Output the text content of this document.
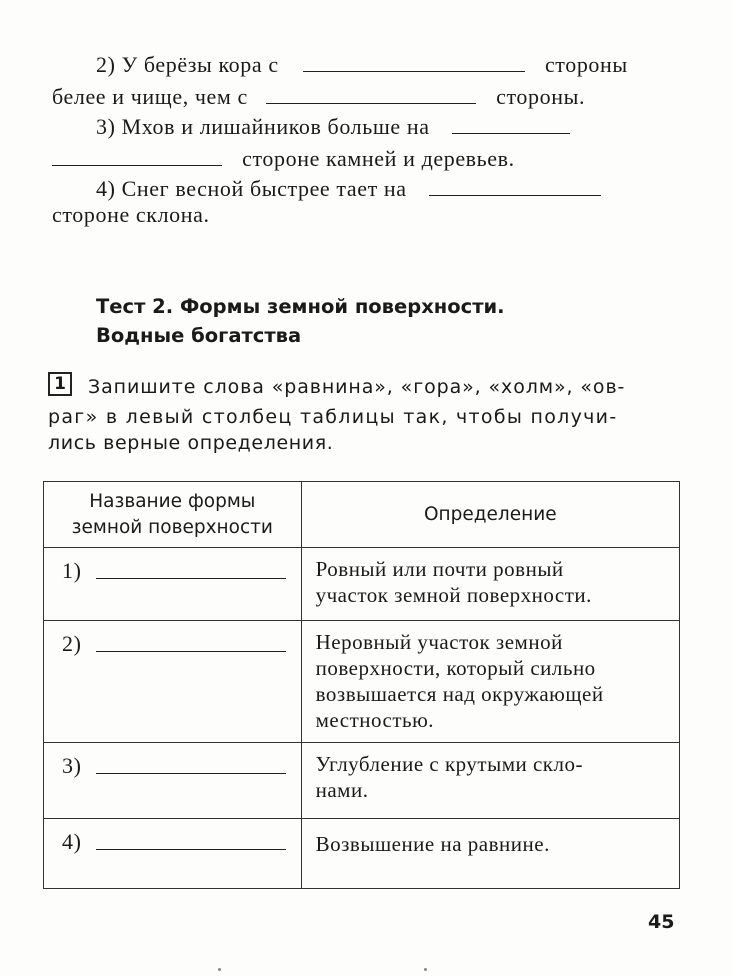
2) У берёзы кора с	стороны
белее и чище, чем с	стороны.
3) Мхов и лишайников больше на
стороне камней и деревьев.
4) Снег весной быстрее тает на
стороне склона.
Тест 2. Формы земной поверхности.
Водные богатства
1	Запишите слова «равнина», «гора», «холм», «ов-
раг» в левый столбец таблицы так, чтобы получи-
лись верные определения.
Название формы
земной поверхности	Определение

1)	Ровный или почти ровный
участок земной поверхности.

2)	Неровный участок земной
поверхности, который сильно
возвышается над окружающей
местностью.

3)	Углубление с крутыми скло-
нами.

4)	Возвышение на равнине.
45
